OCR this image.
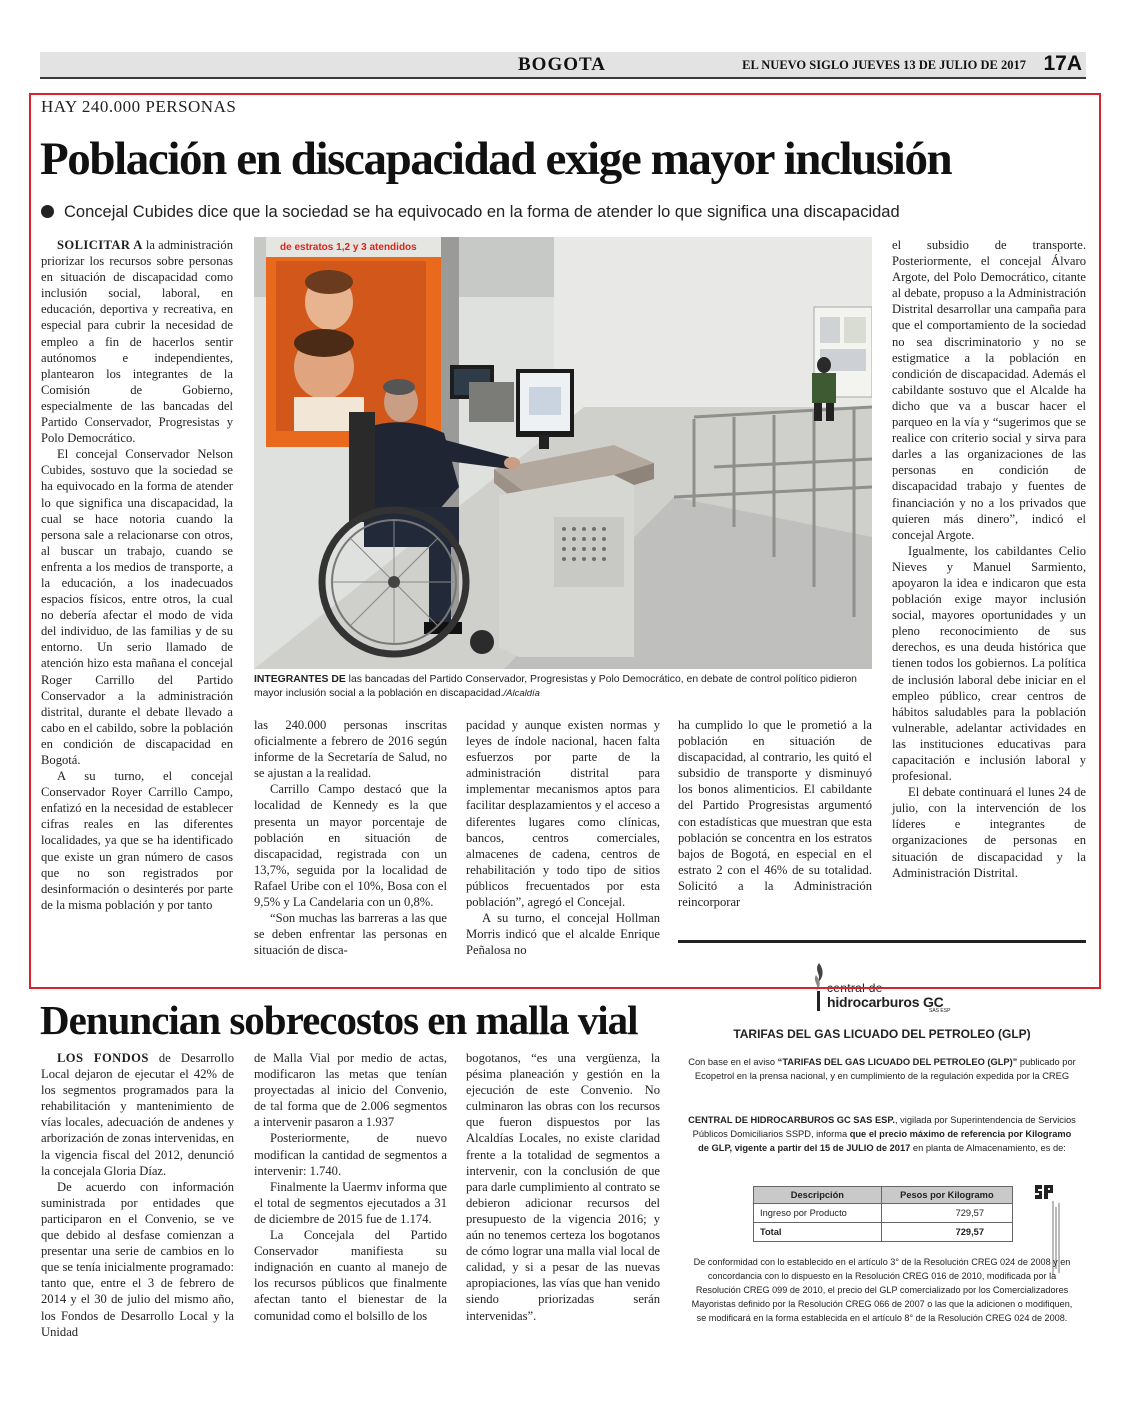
BOGOTA	EL NUEVO SIGLO JUEVES 13 DE JULIO DE 2017 17A
HAY 240.000 PERSONAS
Población en discapacidad exige mayor inclusión
Concejal Cubides dice que la sociedad se ha equivocado en la forma de atender lo que significa una discapacidad

SOLICITAR A la administración priorizar los recursos sobre personas en situación de discapacidad como inclusión social, laboral, en educación, deportiva y recreativa, en especial para cubrir la necesidad de empleo a fin de hacerlos sentir autónomos e independientes, plantearon los integrantes de la Comisión de Gobierno, especialmente de las bancadas del Partido Conservador, Progresistas y Polo Democrático.

El concejal Conservador Nelson Cubides, sostuvo que la sociedad se ha equivocado en la forma de atender lo que significa una discapacidad, la cual se hace notoria cuando la persona sale a relacionarse con otros, al buscar un trabajo, cuando se enfrenta a los medios de transporte, a la educación, a los inadecuados espacios físicos, entre otros, la cual no debería afectar el modo de vida del individuo, de las familias y de su entorno. Un serio llamado de atención hizo esta mañana el concejal Roger Carrillo del Partido Conservador a la administración distrital, durante el debate llevado a cabo en el cabildo, sobre la población en condición de discapacidad en Bogotá.

A su turno, el concejal Conservador Royer Carrillo Campo, enfatizó en la necesidad de establecer cifras reales en las diferentes localidades, ya que se ha identificado que existe un gran número de casos que no son registrados por desinformación o desinterés por parte de la misma población y por tanto

de estratos 1,2 y 3 atendidos
INTEGRANTES DE las bancadas del Partido Conservador, Progresistas y Polo Democrático, en debate de control político pidieron mayor inclusión social a la población en discapacidad./Alcaldía

las 240.000 personas inscritas oficialmente a febrero de 2016 según informe de la Secretaría de Salud, no se ajustan a la realidad.

Carrillo Campo destacó que la localidad de Kennedy es la que presenta un mayor porcentaje de población en situación de discapacidad, registrada con un 13,7%, seguida por la localidad de Rafael Uribe con el 10%, Bosa con el 9,5% y La Candelaria con un 0,8%.

“Son muchas las barreras a las que se deben enfrentar las personas en situación de disca-

pacidad y aunque existen normas y leyes de índole nacional, hacen falta esfuerzos por parte de la administración distrital para implementar mecanismos aptos para facilitar desplazamientos y el acceso a diferentes lugares como clínicas, bancos, centros comerciales, almacenes de cadena, centros de rehabilitación y todo tipo de sitios públicos frecuentados por esta población”, agregó el Concejal.

A su turno, el concejal Hollman Morris indicó que el alcalde Enrique Peñalosa no

ha cumplido lo que le prometió a la población en situación de discapacidad, al contrario, les quitó el subsidio de transporte y disminuyó los bonos alimenticios. El cabildante del Partido Progresistas argumentó con estadísticas que muestran que esta población se concentra en los estratos bajos de Bogotá, en especial en el estrato 2 con el 46% de su totalidad. Solicitó a la Administración reincorporar

el subsidio de transporte. Posteriormente, el concejal Álvaro Argote, del Polo Democrático, citante al debate, propuso a la Administración Distrital desarrollar una campaña para que el comportamiento de la sociedad no sea discriminatorio y no se estigmatice a la población en condición de discapacidad. Además el cabildante sostuvo que el Alcalde ha dicho que va a buscar hacer el parqueo en la vía y “sugerimos que se realice con criterio social y sirva para darles a las organizaciones de las personas en condición de discapacidad trabajo y fuentes de financiación y no a los privados que quieren más dinero”, indicó el concejal Argote.

Igualmente, los cabildantes Celio Nieves y Manuel Sarmiento, apoyaron la idea e indicaron que esta población exige mayor inclusión social, mayores oportunidades y un pleno reconocimiento de sus derechos, es una deuda histórica que tienen todos los gobiernos. La política de inclusión laboral debe iniciar en el empleo público, crear centros de hábitos saludables para la población vulnerable, adelantar actividades en las instituciones educativas para capacitación e inclusión laboral y profesional.

El debate continuará el lunes 24 de julio, con la intervención de los líderes e integrantes de organizaciones de personas en situación de discapacidad y la Administración Distrital.

Denuncian sobrecostos en malla vial

LOS FONDOS de Desarrollo Local dejaron de ejecutar el 42% de los segmentos programados para la rehabilitación y mantenimiento de vías locales, adecuación de andenes y arborización de zonas intervenidas, en la vigencia fiscal del 2012, denunció la concejala Gloria Díaz.

De acuerdo con información suministrada por entidades que participaron en el Convenio, se ve que debido al desfase comienzan a presentar una serie de cambios en lo que se tenía inicialmente programado: tanto que, entre el 3 de febrero de 2014 y el 30 de julio del mismo año, los Fondos de Desarrollo Local y la Unidad

de Malla Vial por medio de actas, modificaron las metas que tenían proyectadas al inicio del Convenio, de tal forma que de 2.006 segmentos a intervenir pasaron a 1.937

Posteriormente, de nuevo modifican la cantidad de segmentos a intervenir: 1.740.

Finalmente la Uaermv informa que el total de segmentos ejecutados a 31 de diciembre de 2015 fue de 1.174.

La Concejala del Partido Conservador manifiesta su indignación en cuanto al manejo de los recursos públicos que finalmente afectan tanto el bienestar de la comunidad como el bolsillo de los

bogotanos, “es una vergüenza, la pésima planeación y gestión en la ejecución de este Convenio. No culminaron las obras con los recursos que fueron dispuestos por las Alcaldías Locales, no existe claridad frente a la totalidad de segmentos a intervenir, con la conclusión de que para darle cumplimiento al contrato se debieron adicionar recursos del presupuesto de la vigencia 2016; y aún no tenemos certeza los bogotanos de cómo lograr una malla vial local de calidad, y si a pesar de las nuevas apropiaciones, las vías que han venido siendo priorizadas serán intervenidas”.

central de
hidrocarburos GC
SAS ESP
TARIFAS DEL GAS LICUADO DEL PETROLEO (GLP)
Con base en el aviso “TARIFAS DEL GAS LICUADO DEL PETROLEO (GLP)” publicado por Ecopetrol en la prensa nacional, y en cumplimiento de la regulación expedida por la CREG
CENTRAL DE HIDROCARBUROS GC SAS ESP., vigilada por Superintendencia de Servicios Públicos Domiciliarios SSPD, informa que el precio máximo de referencia por Kilogramo de GLP, vigente a partir del 15 de JULIO de 2017 en planta de Almacenamiento, es de:
Descripción	Pesos por Kilogramo
Ingreso por Producto	729,57
Total	729,57
De conformidad con lo establecido en el artículo 3° de la Resolución CREG 024 de 2008 y en concordancia con lo dispuesto en la Resolución CREG 016 de 2010, modificada por la Resolución CREG 099 de 2010, el precio del GLP comercializado por los Comercializadores Mayoristas definido por la Resolución CREG 066 de 2007 o las que la adicionen o modifiquen, se modificará en la forma establecida en el artículo 8° de la Resolución CREG 024 de 2008.
